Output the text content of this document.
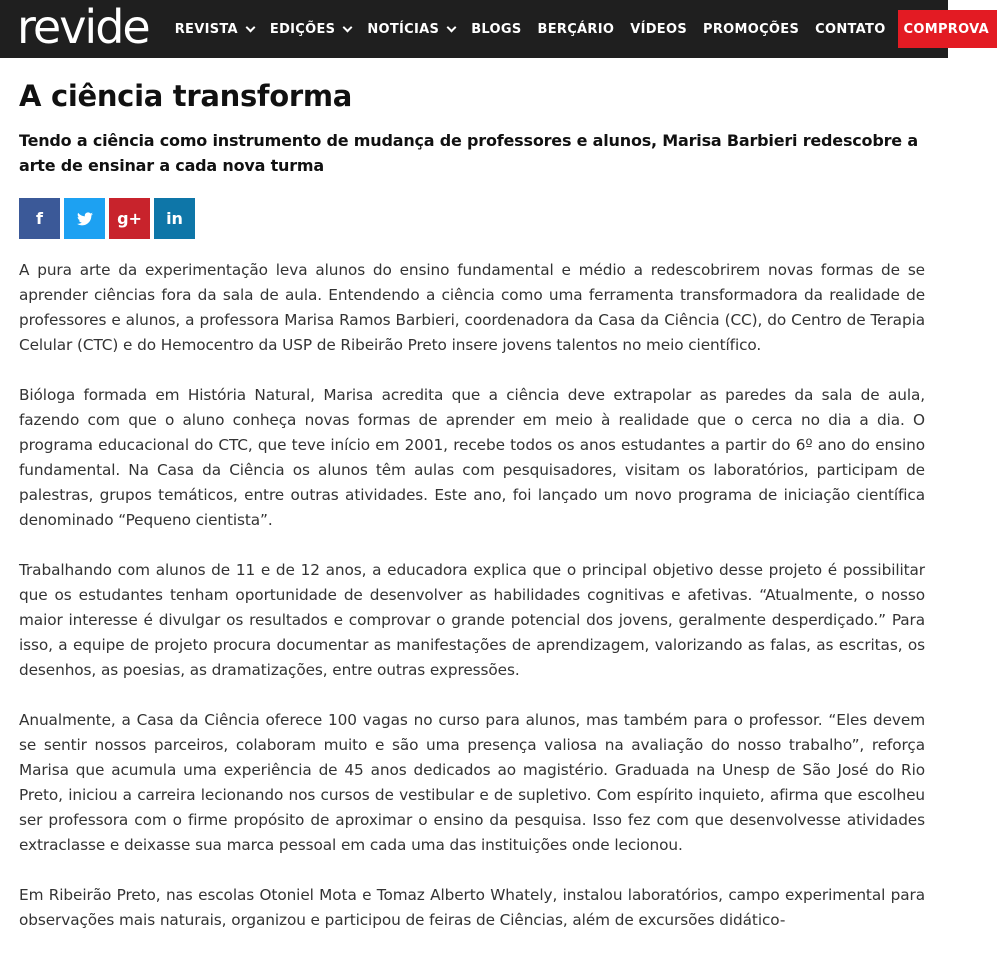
revide REVISTA EDIÇÕES NOTÍCIAS BLOGS BERÇÁRIO VÍDEOS PROMOÇÕES CONTATO COMPROVA
A ciência transforma
Tendo a ciência como instrumento de mudança de professores e alunos, Marisa Barbieri redescobre a arte de ensinar a cada nova turma
f	g+ in

A pura arte da experimentação leva alunos do ensino fundamental e médio a redescobrirem novas formas de se aprender ciências fora da sala de aula. Entendendo a ciência como uma ferramenta transformadora da realidade de professores e alunos, a professora Marisa Ramos Barbieri, coordenadora da Casa da Ciência (CC), do Centro de Terapia Celular (CTC) e do Hemocentro da USP de Ribeirão Preto insere jovens talentos no meio científico.

Bióloga formada em História Natural, Marisa acredita que a ciência deve extrapolar as paredes da sala de aula, fazendo com que o aluno conheça novas formas de aprender em meio à realidade que o cerca no dia a dia. O programa educacional do CTC, que teve início em 2001, recebe todos os anos estudantes a partir do 6º ano do ensino fundamental. Na Casa da Ciência os alunos têm aulas com pesquisadores, visitam os laboratórios, participam de palestras, grupos temáticos, entre outras atividades. Este ano, foi lançado um novo programa de iniciação científica denominado “Pequeno cientista”.

Trabalhando com alunos de 11 e de 12 anos, a educadora explica que o principal objetivo desse projeto é possibilitar que os estudantes tenham oportunidade de desenvolver as habilidades cognitivas e afetivas. “Atualmente, o nosso maior interesse é divulgar os resultados e comprovar o grande potencial dos jovens, geralmente desperdiçado.” Para isso, a equipe de projeto procura documentar as manifestações de aprendizagem, valorizando as falas, as escritas, os desenhos, as poesias, as dramatizações, entre outras expressões.

Anualmente, a Casa da Ciência oferece 100 vagas no curso para alunos, mas também para o professor. “Eles devem se sentir nossos parceiros, colaboram muito e são uma presença valiosa na avaliação do nosso trabalho”, reforça Marisa que acumula uma experiência de 45 anos dedicados ao magistério. Graduada na Unesp de São José do Rio Preto, iniciou a carreira lecionando nos cursos de vestibular e de supletivo. Com espírito inquieto, afirma que escolheu ser professora com o firme propósito de aproximar o ensino da pesquisa. Isso fez com que desenvolvesse atividades extraclasse e deixasse sua marca pessoal em cada uma das instituições onde lecionou.

Em Ribeirão Preto, nas escolas Otoniel Mota e Tomaz Alberto Whately, instalou laboratórios, campo experimental para observações mais naturais, organizou e participou de feiras de Ciências, além de excursões didático-
